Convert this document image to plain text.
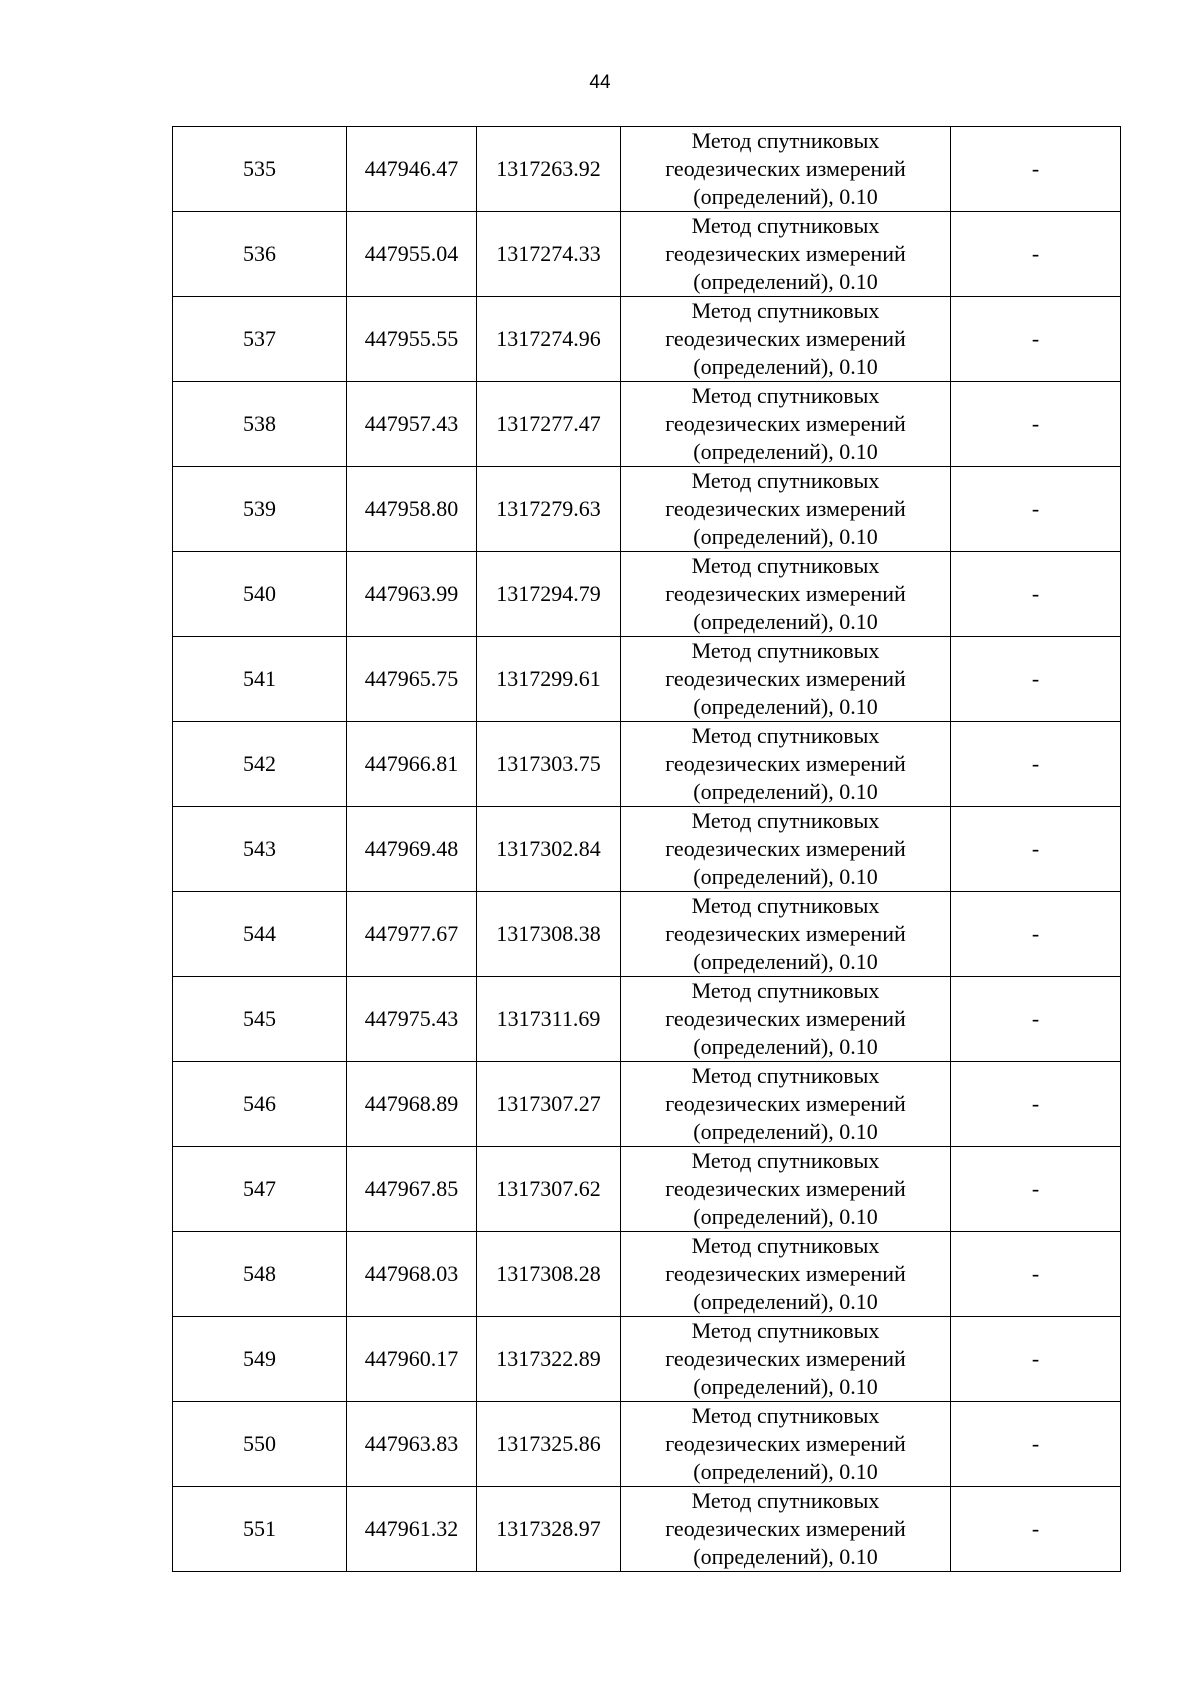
44
535	447946.47	1317263.92	Метод спутниковых
геодезических измерений
(определений), 0.10	-
536	447955.04	1317274.33	Метод спутниковых
геодезических измерений
(определений), 0.10	-
537	447955.55	1317274.96	Метод спутниковых
геодезических измерений
(определений), 0.10	-
538	447957.43	1317277.47	Метод спутниковых
геодезических измерений
(определений), 0.10	-
539	447958.80	1317279.63	Метод спутниковых
геодезических измерений
(определений), 0.10	-
540	447963.99	1317294.79	Метод спутниковых
геодезических измерений
(определений), 0.10	-
541	447965.75	1317299.61	Метод спутниковых
геодезических измерений
(определений), 0.10	-
542	447966.81	1317303.75	Метод спутниковых
геодезических измерений
(определений), 0.10	-
543	447969.48	1317302.84	Метод спутниковых
геодезических измерений
(определений), 0.10	-
544	447977.67	1317308.38	Метод спутниковых
геодезических измерений
(определений), 0.10	-
545	447975.43	1317311.69	Метод спутниковых
геодезических измерений
(определений), 0.10	-
546	447968.89	1317307.27	Метод спутниковых
геодезических измерений
(определений), 0.10	-
547	447967.85	1317307.62	Метод спутниковых
геодезических измерений
(определений), 0.10	-
548	447968.03	1317308.28	Метод спутниковых
геодезических измерений
(определений), 0.10	-
549	447960.17	1317322.89	Метод спутниковых
геодезических измерений
(определений), 0.10	-
550	447963.83	1317325.86	Метод спутниковых
геодезических измерений
(определений), 0.10	-
551	447961.32	1317328.97	Метод спутниковых
геодезических измерений
(определений), 0.10	-
